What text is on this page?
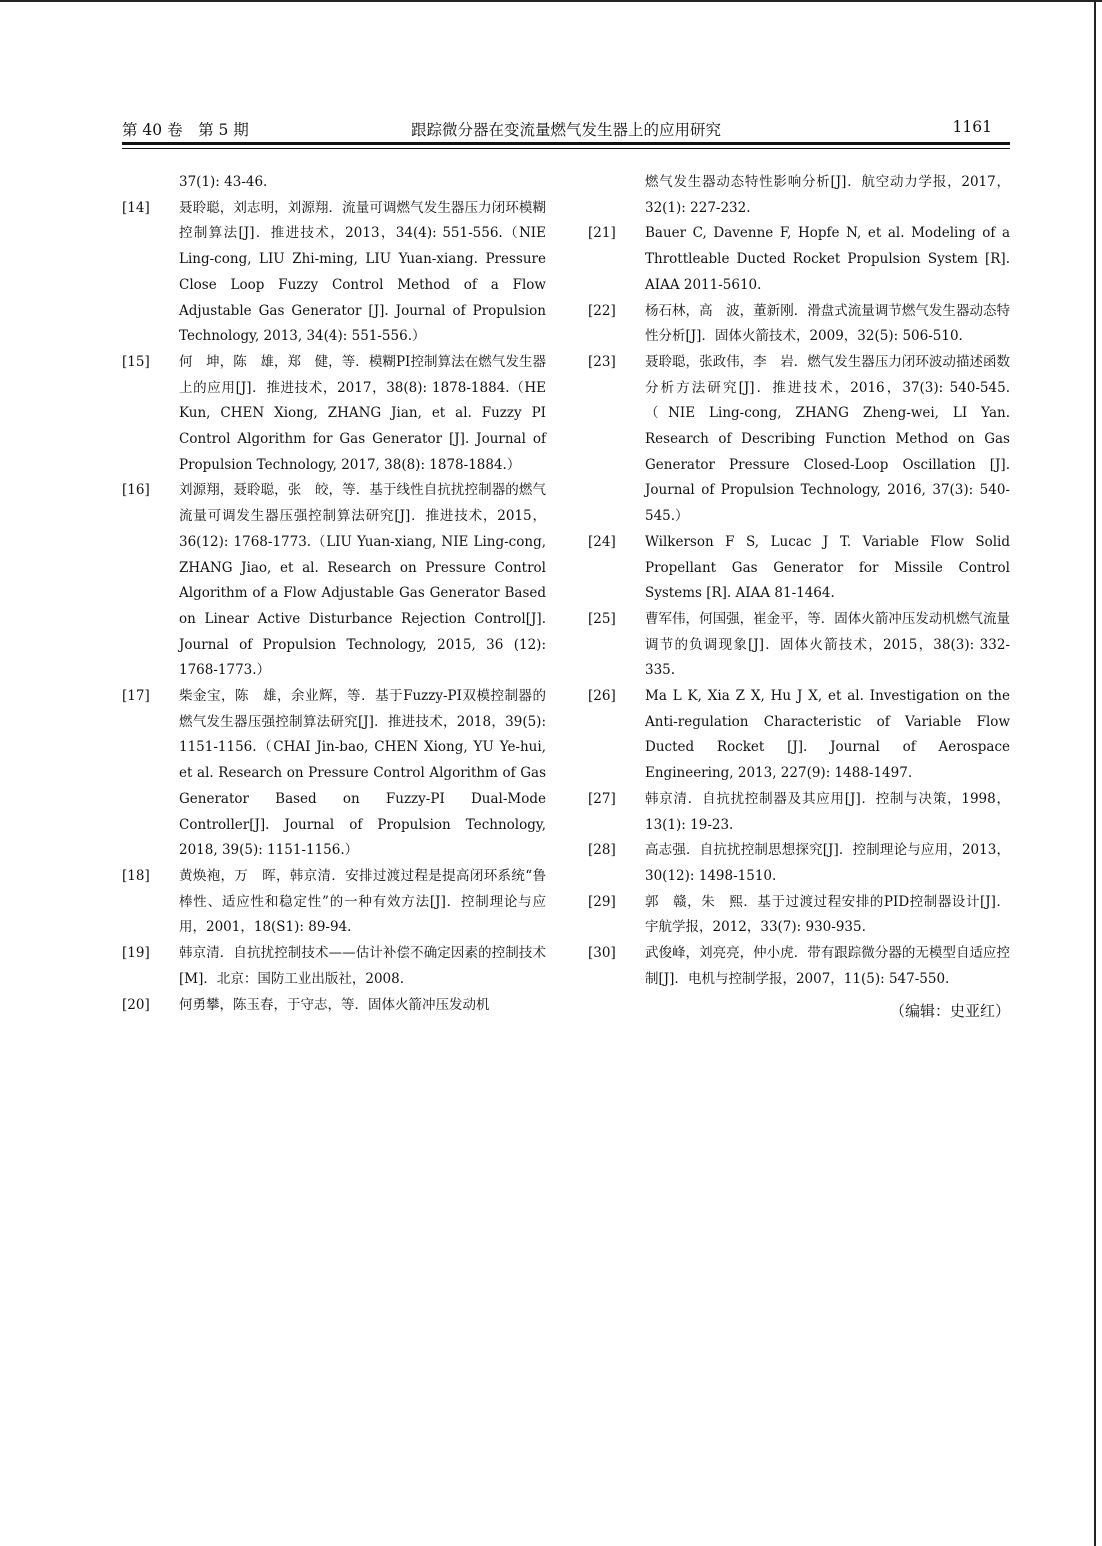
第 40 卷　第 5 期	跟踪微分器在变流量燃气发生器上的应用研究	1161
37(1): 43-46.
[14]	聂聆聪，刘志明，刘源翔．流量可调燃气发生器压力闭环模糊控制算法[J]．推进技术，2013，34(4): 551-556.（NIE Ling-cong, LIU Zhi-ming, LIU Yuan-xiang. Pressure Close Loop Fuzzy Control Method of a Flow Adjustable Gas Generator [J]. Journal of Propulsion Technology, 2013, 34(4): 551-556.）
[15]	何　坤，陈　雄，郑　健，等．模糊PI控制算法在燃气发生器上的应用[J]．推进技术，2017，38(8): 1878-1884.（HE Kun, CHEN Xiong, ZHANG Jian, et al. Fuzzy PI Control Algorithm for Gas Generator [J]. Journal of Propulsion Technology, 2017, 38(8): 1878-1884.）
[16]	刘源翔，聂聆聪，张　皎，等．基于线性自抗扰控制器的燃气流量可调发生器压强控制算法研究[J]．推进技术，2015，36(12): 1768-1773.（LIU Yuan-xiang, NIE Ling-cong, ZHANG Jiao, et al. Research on Pressure Control Algorithm of a Flow Adjustable Gas Generator Based on Linear Active Disturbance Rejection Control[J]. Journal of Propulsion Technology, 2015, 36 (12): 1768-1773.）
[17]	柴金宝，陈　雄，余业辉，等．基于Fuzzy-PI双模控制器的燃气发生器压强控制算法研究[J]．推进技术，2018，39(5): 1151-1156.（CHAI Jin-bao, CHEN Xiong, YU Ye-hui, et al. Research on Pressure Control Algorithm of Gas Generator Based on Fuzzy-PI Dual-Mode Controller[J]. Journal of Propulsion Technology, 2018, 39(5): 1151-1156.）
[18]	黄焕袍，万　晖，韩京清．安排过渡过程是提高闭环系统“鲁棒性、适应性和稳定性”的一种有效方法[J]．控制理论与应用，2001，18(S1): 89-94.
[19]	韩京清．自抗扰控制技术——估计补偿不确定因素的控制技术[M]．北京：国防工业出版社，2008.
[20]	何勇攀，陈玉春，于守志，等．固体火箭冲压发动机
燃气发生器动态特性影响分析[J]．航空动力学报，2017，32(1): 227-232.
[21]	Bauer C, Davenne F, Hopfe N, et al. Modeling of a Throttleable Ducted Rocket Propulsion System [R]. AIAA 2011-5610.
[22]	杨石林，高　波，董新刚．滑盘式流量调节燃气发生器动态特性分析[J]．固体火箭技术，2009，32(5): 506-510.
[23]	聂聆聪，张政伟，李　岩．燃气发生器压力闭环波动描述函数分析方法研究[J]．推进技术，2016，37(3): 540-545.（NIE Ling-cong, ZHANG Zheng-wei, LI Yan. Research of Describing Function Method on Gas Generator Pressure Closed-Loop Oscillation [J]. Journal of Propulsion Technology, 2016, 37(3): 540-545.）
[24]	Wilkerson F S, Lucac J T. Variable Flow Solid Propellant Gas Generator for Missile Control Systems [R]. AIAA 81-1464.
[25]	曹军伟，何国强，崔金平，等．固体火箭冲压发动机燃气流量调节的负调现象[J]．固体火箭技术，2015，38(3): 332-335.
[26]	Ma L K, Xia Z X, Hu J X, et al. Investigation on the Anti-regulation Characteristic of Variable Flow Ducted Rocket [J]. Journal of Aerospace Engineering, 2013, 227(9): 1488-1497.
[27]	韩京清．自抗扰控制器及其应用[J]．控制与决策，1998，13(1): 19-23.
[28]	高志强．自抗扰控制思想探究[J]．控制理论与应用，2013，30(12): 1498-1510.
[29]	郭　赣，朱　熙．基于过渡过程安排的PID控制器设计[J]．宇航学报，2012，33(7): 930-935.
[30]	武俊峰，刘亮亮，仲小虎．带有跟踪微分器的无模型自适应控制[J]．电机与控制学报，2007，11(5): 547-550.
（编辑：史亚红）
